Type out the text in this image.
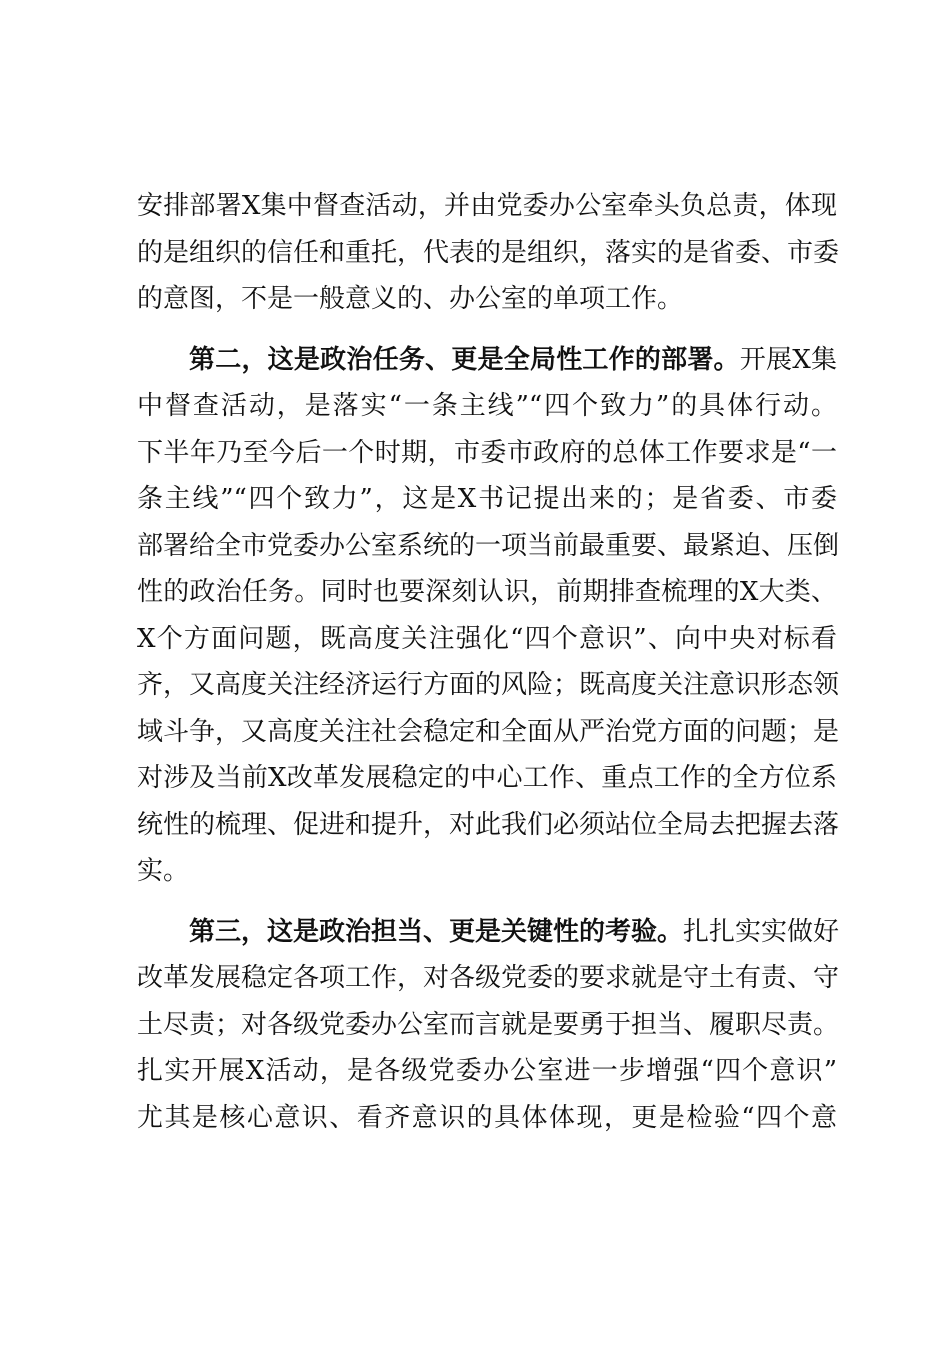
安排部署X集中督查活动，并由党委办公室牵头负总责，体现
的是组织的信任和重托，代表的是组织，落实的是省委、市委
的意图，不是一般意义的、办公室的单项工作。
第二，这是政治任务、更是全局性工作的部署。开展X集
中督查活动，是落实“一条主线”“四个致力”的具体行动。
下半年乃至今后一个时期，市委市政府的总体工作要求是“一
条主线”“四个致力”，这是X书记提出来的；是省委、市委
部署给全市党委办公室系统的一项当前最重要、最紧迫、压倒
性的政治任务。同时也要深刻认识，前期排查梳理的X大类、
X个方面问题，既高度关注强化“四个意识”、向中央对标看
齐，又高度关注经济运行方面的风险；既高度关注意识形态领
域斗争，又高度关注社会稳定和全面从严治党方面的问题；是
对涉及当前X改革发展稳定的中心工作、重点工作的全方位系
统性的梳理、促进和提升，对此我们必须站位全局去把握去落
实。
第三，这是政治担当、更是关键性的考验。扎扎实实做好
改革发展稳定各项工作，对各级党委的要求就是守土有责、守
土尽责；对各级党委办公室而言就是要勇于担当、履职尽责。
扎实开展X活动，是各级党委办公室进一步增强“四个意识”
尤其是核心意识、看齐意识的具体体现，更是检验“四个意
